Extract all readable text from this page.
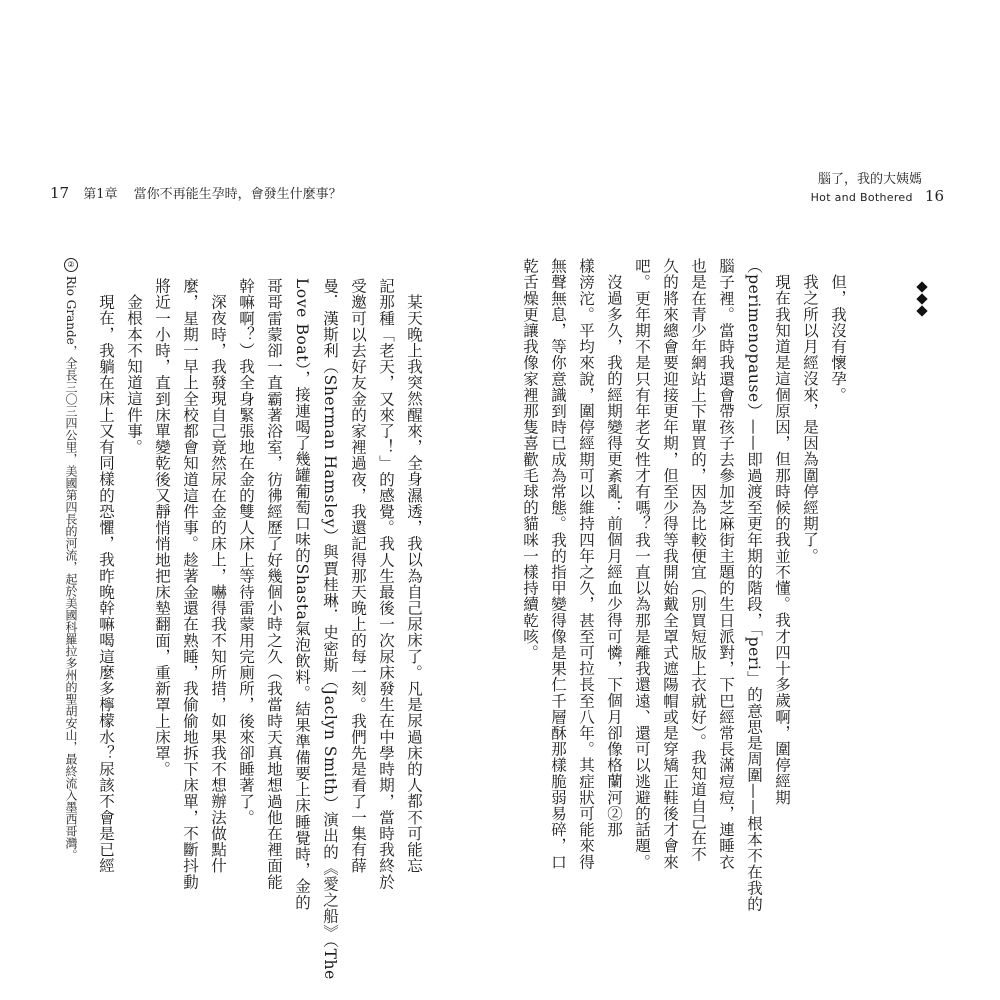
17 第1章 當你不再能生孕時，會發生什麼事？
腦了，我的大姨媽
Hot and Bothered 16
但，我沒有懷孕。
我之所以月經沒來，是因為圍停經期了。
現在我知道是這個原因，但那時候的我並不懂。我才四十多歲啊，圍停經期
（perimenopause）——即過渡至更年期的階段，「peri」的意思是周圍——根本不在我的
腦子裡。當時我還會帶孩子去參加芝麻街主題的生日派對，下巴經常長滿痘痘，連睡衣
也是在青少年網站上下單買的，因為比較便宜（別買短版上衣就好）。我知道自己在不
久的將來總會要迎接更年期，但至少得等我開始戴全罩式遮陽帽或是穿矯正鞋後才會來
吧。更年期不是只有年老女性才有嗎？我一直以為那是離我還遠、還可以逃避的話題。
沒過多久，我的經期變得更紊亂：前個月經血少得可憐，下個月卻像格蘭河②那
樣滂沱。平均來說，圍停經期可以維持四年之久，甚至可拉長至八年。其症狀可能來得
無聲無息，等你意識到時已成為常態。我的指甲變得像是果仁千層酥那樣脆弱易碎，口
乾舌燥更讓我像家裡那隻喜歡毛球的貓咪一樣持續乾咳。
某天晚上我突然醒來，全身濕透，我以為自己尿床了。凡是尿過床的人都不可能忘
記那種「老天，又來了！」的感覺。我人生最後一次尿床發生在中學時期，當時我終於
受邀可以去好友金的家裡過夜，我還記得那天晚上的每一刻。我們先是看了一集有薛
曼．漢斯利（Sherman Hamsley）與賈桂琳．史密斯（Jaclyn Smith）演出的《愛之船》（The
Love Boat），接連喝了幾罐葡萄口味的Shasta氣泡飲料。結果準備要上床睡覺時，金的
哥哥雷蒙卻一直霸著浴室，彷彿經歷了好幾個小時之久（我當時天真地想過他在裡面能
幹嘛啊？）我全身緊張地在金的雙人床上等待雷蒙用完廁所，後來卻睡著了。
深夜時，我發現自己竟然尿在金的床上，嚇得我不知所措，如果我不想辦法做點什
麼，星期一早上全校都會知道這件事。趁著金還在熟睡，我偷偷地拆下床單，不斷抖動
將近一小時，直到床單變乾後又靜悄悄地把床墊翻面，重新罩上床罩。
金根本不知道這件事。
現在，我躺在床上又有同樣的恐懼，我昨晚幹嘛喝這麼多檸檬水？尿該不會是已經
② Rio Grande，全長三〇三四公里，美國第四長的河流，起於美國科羅拉多州的聖胡安山，最終流入墨西哥灣。
